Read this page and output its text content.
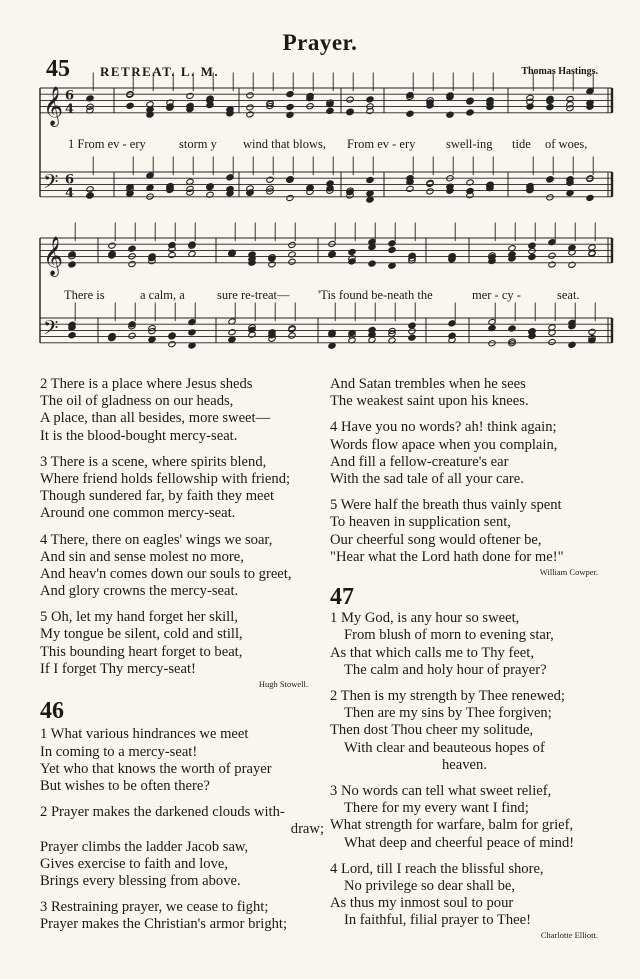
Prayer.
45 RETREAT. L. M.	Thomas Hastings.
𝄞
𝄢
6
4
6
4
𝄞
𝄢
1 From ev - ery	storm y wind that blows, From ev - ery swell-ing tide of woes,
There is	a calm, a	sure re-treat— 'Tis found be-neath the	mer - cy -	seat.
2 There is a place where Jesus sheds
The oil of gladness on our heads,
A place, than all besides, more sweet—
It is the blood-bought mercy-seat.
3 There is a scene, where spirits blend,
Where friend holds fellowship with friend;
Though sundered far, by faith they meet
Around one common mercy-seat.
4 There, there on eagles' wings we soar,
And sin and sense molest no more,
And heav'n comes down our souls to greet,
And glory crowns the mercy-seat.
5 Oh, let my hand forget her skill,
My tongue be silent, cold and still,
This bounding heart forget to beat,
If I forget Thy mercy-seat!
Hugh Stowell.
46
1 What various hindrances we meet
In coming to a mercy-seat!
Yet who that knows the worth of prayer
But wishes to be often there?
2 Prayer makes the darkened clouds with-
draw;
Prayer climbs the ladder Jacob saw,
Gives exercise to faith and love,
Brings every blessing from above.
3 Restraining prayer, we cease to fight;
Prayer makes the Christian's armor bright;
And Satan trembles when he sees
The weakest saint upon his knees.
4 Have you no words? ah! think again;
Words flow apace when you complain,
And fill a fellow-creature's ear
With the sad tale of all your care.
5 Were half the breath thus vainly spent
To heaven in supplication sent,
Our cheerful song would oftener be,
"Hear what the Lord hath done for me!"
William Cowper.
47
1 My God, is any hour so sweet,
From blush of morn to evening star,
As that which calls me to Thy feet,
The calm and holy hour of prayer?
2 Then is my strength by Thee renewed;
Then are my sins by Thee forgiven;
Then dost Thou cheer my solitude,
With clear and beauteous hopes of
heaven.
3 No words can tell what sweet relief,
There for my every want I find;
What strength for warfare, balm for grief,
What deep and cheerful peace of mind!
4 Lord, till I reach the blissful shore,
No privilege so dear shall be,
As thus my inmost soul to pour
In faithful, filial prayer to Thee!
Charlotte Elliott.
